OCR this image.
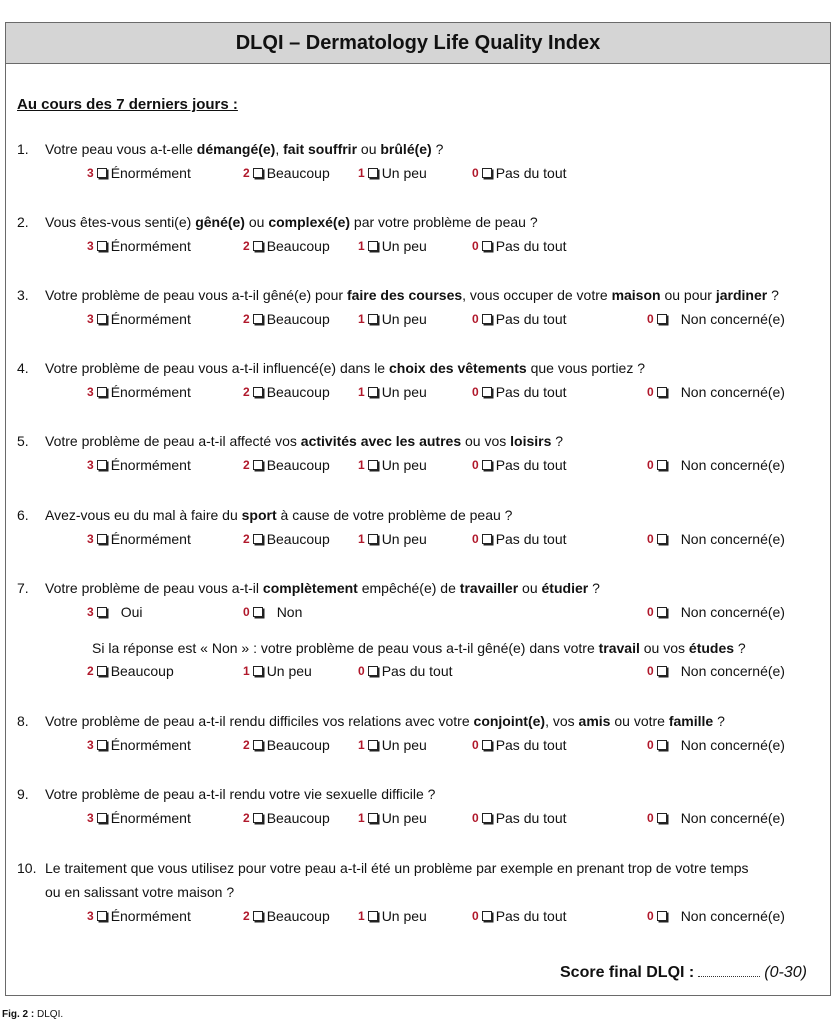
DLQI – Dermatology Life Quality Index
Au cours des 7 derniers jours :
1. Votre peau vous a-t-elle démangé(e), fait souffrir ou brûlé(e) ?
3 Énormément	2 Beaucoup 1 Un peu	0 Pas du tout
2. Vous êtes-vous senti(e) gêné(e) ou complexé(e) par votre problème de peau ?
3 Énormément	2 Beaucoup 1 Un peu	0 Pas du tout
3. Votre problème de peau vous a-t-il gêné(e) pour faire des courses, vous occuper de votre maison ou pour jardiner ?
3 Énormément	2 Beaucoup 1 Un peu	0 Pas du tout	0 Non concerné(e)
4. Votre problème de peau vous a-t-il influencé(e) dans le choix des vêtements que vous portiez ?
3 Énormément	2 Beaucoup 1 Un peu	0 Pas du tout	0 Non concerné(e)
5. Votre problème de peau a-t-il affecté vos activités avec les autres ou vos loisirs ?
3 Énormément	2 Beaucoup 1 Un peu	0 Pas du tout	0 Non concerné(e)
6. Avez-vous eu du mal à faire du sport à cause de votre problème de peau ?
3 Énormément	2 Beaucoup 1 Un peu	0 Pas du tout	0 Non concerné(e)
7. Votre problème de peau vous a-t-il complètement empêché(e) de travailler ou étudier ?
3 Oui	0 Non	0 Non concerné(e)
Si la réponse est « Non » : votre problème de peau vous a-t-il gêné(e) dans votre travail ou vos études ?
2 Beaucoup	1 Un peu	0 Pas du tout	0 Non concerné(e)
8. Votre problème de peau a-t-il rendu difficiles vos relations avec votre conjoint(e), vos amis ou votre famille ?
3 Énormément	2 Beaucoup 1 Un peu	0 Pas du tout	0 Non concerné(e)
9. Votre problème de peau a-t-il rendu votre vie sexuelle difficile ?
3 Énormément	2 Beaucoup 1 Un peu	0 Pas du tout	0 Non concerné(e)
10. Le traitement que vous utilisez pour votre peau a-t-il été un problème par exemple en prenant trop de votre temps
ou en salissant votre maison ?
3 Énormément	2 Beaucoup 1 Un peu	0 Pas du tout	0 Non concerné(e)
Score final DLQI :	(0-30)
Fig. 2 : DLQI.
